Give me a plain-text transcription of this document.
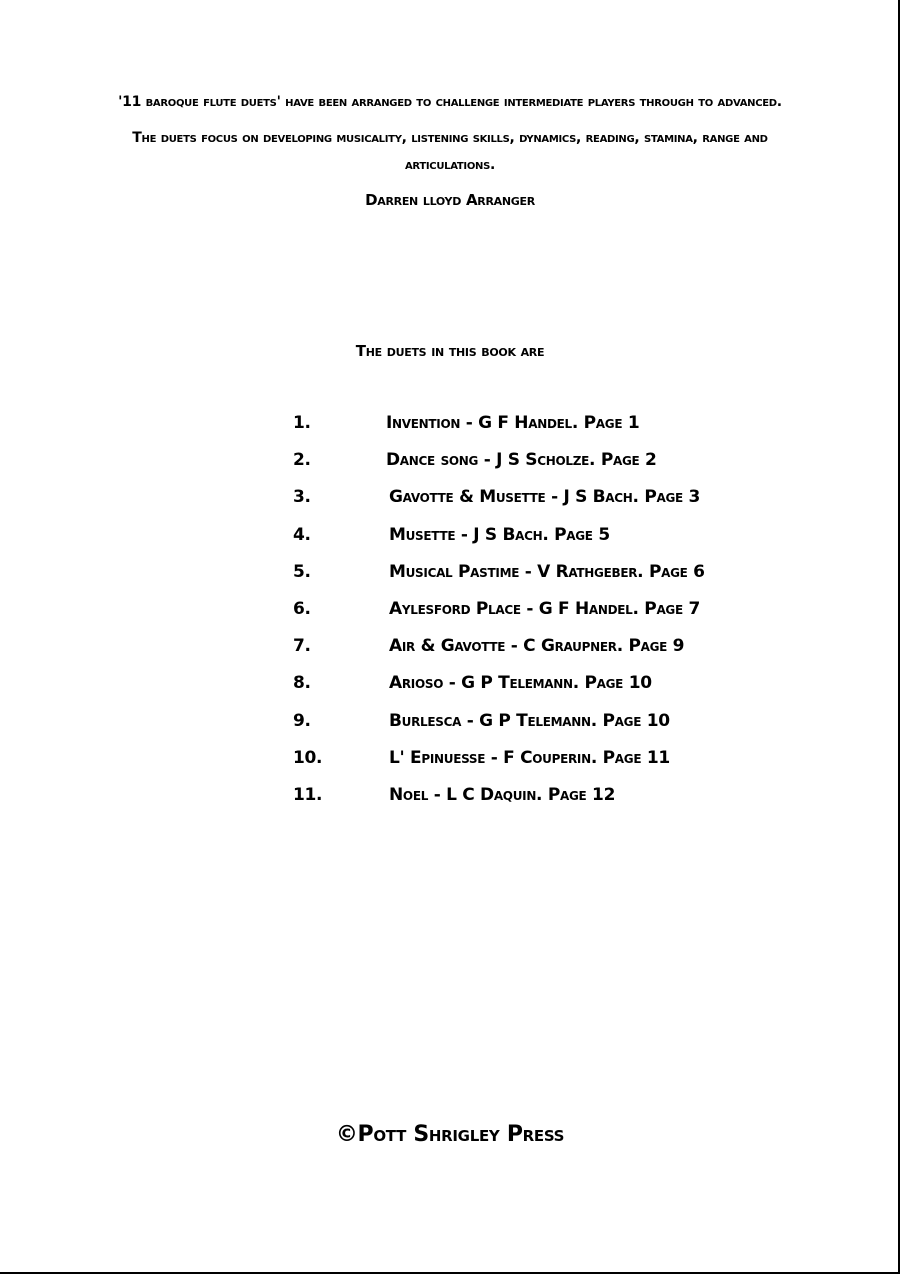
'11 baroque flute duets' have been arranged to challenge intermediate players through to advanced.
The duets focus on developing musicality, listening skills, dynamics, reading, stamina, range and articulations.
Darren lloyd Arranger
The duets in this book are
1.	Invention - G F Handel. Page 1
2.	Dance song - J S Scholze. Page 2
3.	Gavotte & Musette - J S Bach. Page 3
4.	Musette - J S Bach. Page 5
5.	Musical Pastime - V Rathgeber. Page 6
6.	Aylesford Place - G F Handel. Page 7
7.	Air & Gavotte - C Graupner. Page 9
8.	Arioso - G P Telemann. Page 10
9.	Burlesca - G P Telemann. Page 10
10.	L' Epinuesse - F Couperin. Page 11
11.	Noel - L C Daquin. Page 12
©Pott Shrigley Press
